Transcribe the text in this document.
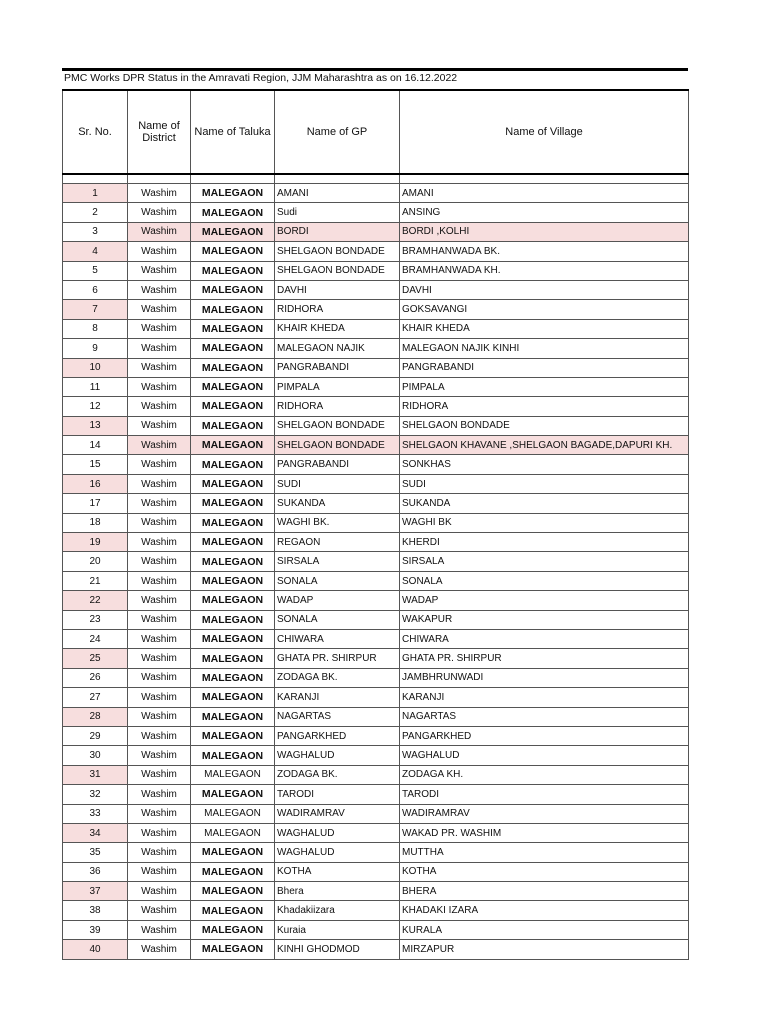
PMC Works DPR Status in the Amravati Region, JJM Maharashtra as on 16.12.2022
Sr. No.	Name of District	Name of Taluka	Name of GP	Name of Village

1	Washim	MALEGAON	AMANI	AMANI
2	Washim	MALEGAON	Sudi	ANSING
3	Washim	MALEGAON	BORDI	BORDI ,KOLHI
4	Washim	MALEGAON	SHELGAON BONDADE	BRAMHANWADA BK.
5	Washim	MALEGAON	SHELGAON BONDADE	BRAMHANWADA KH.
6	Washim	MALEGAON	DAVHI	DAVHI
7	Washim	MALEGAON	RIDHORA	GOKSAVANGI
8	Washim	MALEGAON	KHAIR KHEDA	KHAIR KHEDA
9	Washim	MALEGAON	MALEGAON NAJIK	MALEGAON NAJIK KINHI
10	Washim	MALEGAON	PANGRABANDI	PANGRABANDI
11	Washim	MALEGAON	PIMPALA	PIMPALA
12	Washim	MALEGAON	RIDHORA	RIDHORA
13	Washim	MALEGAON	SHELGAON BONDADE	SHELGAON BONDADE
14	Washim	MALEGAON	SHELGAON BONDADE	SHELGAON KHAVANE ,SHELGAON BAGADE,DAPURI KH.
15	Washim	MALEGAON	PANGRABANDI	SONKHAS
16	Washim	MALEGAON	SUDI	SUDI
17	Washim	MALEGAON	SUKANDA	SUKANDA
18	Washim	MALEGAON	WAGHI BK.	WAGHI BK
19	Washim	MALEGAON	REGAON	KHERDI
20	Washim	MALEGAON	SIRSALA	SIRSALA
21	Washim	MALEGAON	SONALA	SONALA
22	Washim	MALEGAON	WADAP	WADAP
23	Washim	MALEGAON	SONALA	WAKAPUR
24	Washim	MALEGAON	CHIWARA	CHIWARA
25	Washim	MALEGAON	GHATA PR. SHIRPUR	GHATA PR. SHIRPUR
26	Washim	MALEGAON	ZODAGA BK.	JAMBHRUNWADI
27	Washim	MALEGAON	KARANJI	KARANJI
28	Washim	MALEGAON	NAGARTAS	NAGARTAS
29	Washim	MALEGAON	PANGARKHED	PANGARKHED
30	Washim	MALEGAON	WAGHALUD	WAGHALUD
31	Washim	MALEGAON	ZODAGA BK.	ZODAGA KH.
32	Washim	MALEGAON	TARODI	TARODI
33	Washim	MALEGAON	WADIRAMRAV	WADIRAMRAV
34	Washim	MALEGAON	WAGHALUD	WAKAD PR. WASHIM
35	Washim	MALEGAON	WAGHALUD	MUTTHA
36	Washim	MALEGAON	KOTHA	KOTHA
37	Washim	MALEGAON	Bhera	BHERA
38	Washim	MALEGAON	Khadakiizara	KHADAKI IZARA
39	Washim	MALEGAON	Kuraia	KURALA
40	Washim	MALEGAON	KINHI GHODMOD	MIRZAPUR
